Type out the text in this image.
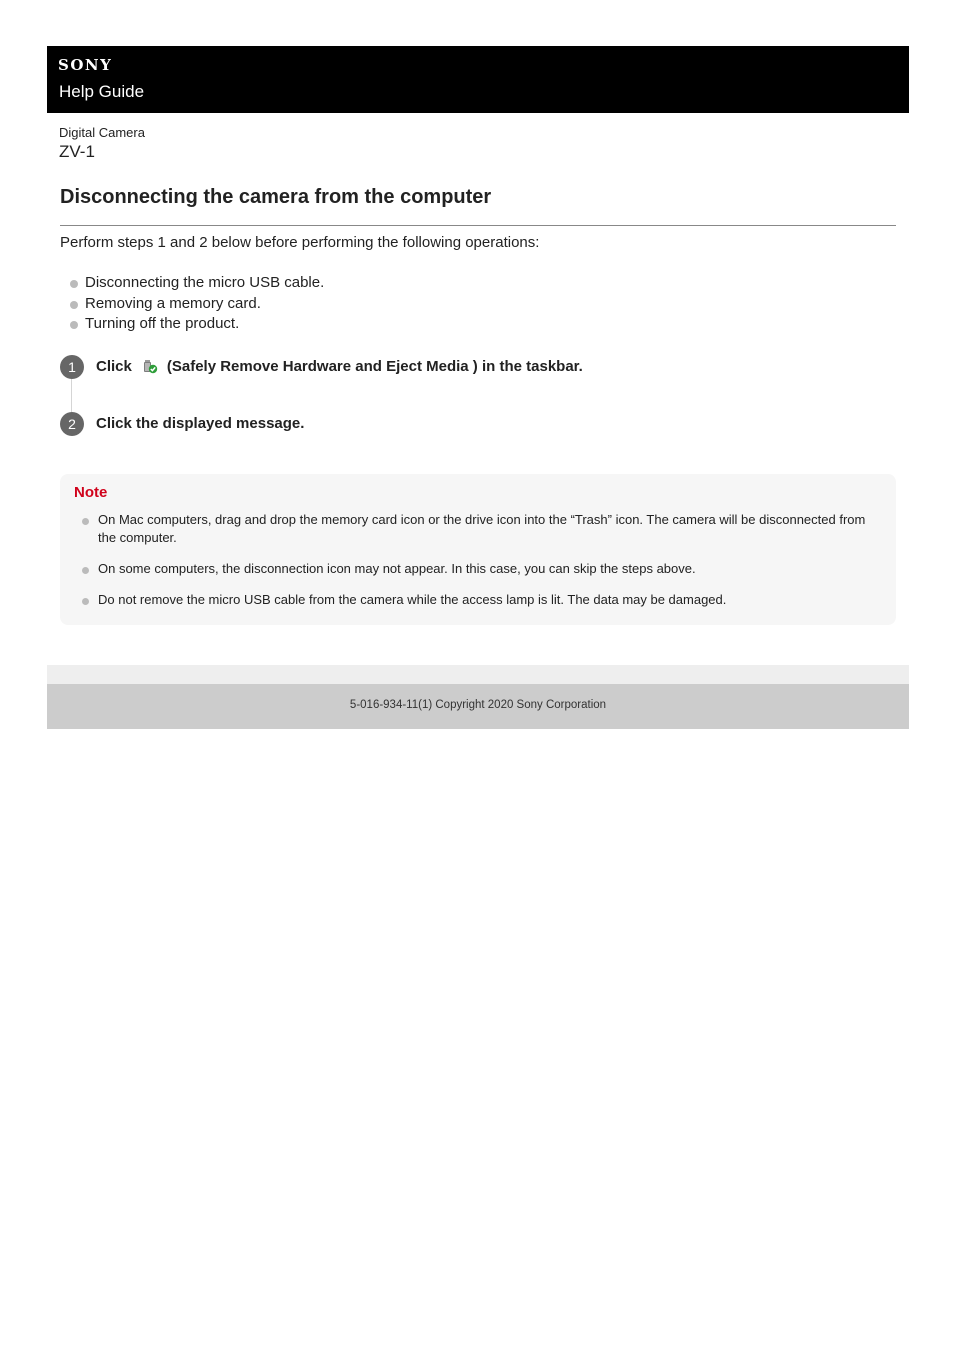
SONY
Help Guide
Digital Camera
ZV-1
Disconnecting the camera from the computer
Perform steps 1 and 2 below before performing the following operations:
Disconnecting the micro USB cable.
Removing a memory card.
Turning off the product.
1	Click (Safely Remove Hardware and Eject Media ) in the taskbar.
2	Click the displayed message.
Note
On Mac computers, drag and drop the memory card icon or the drive icon into the “Trash” icon. The camera will be disconnected from the computer.
On some computers, the disconnection icon may not appear. In this case, you can skip the steps above.
Do not remove the micro USB cable from the camera while the access lamp is lit. The data may be damaged.
5-016-934-11(1) Copyright 2020 Sony Corporation
